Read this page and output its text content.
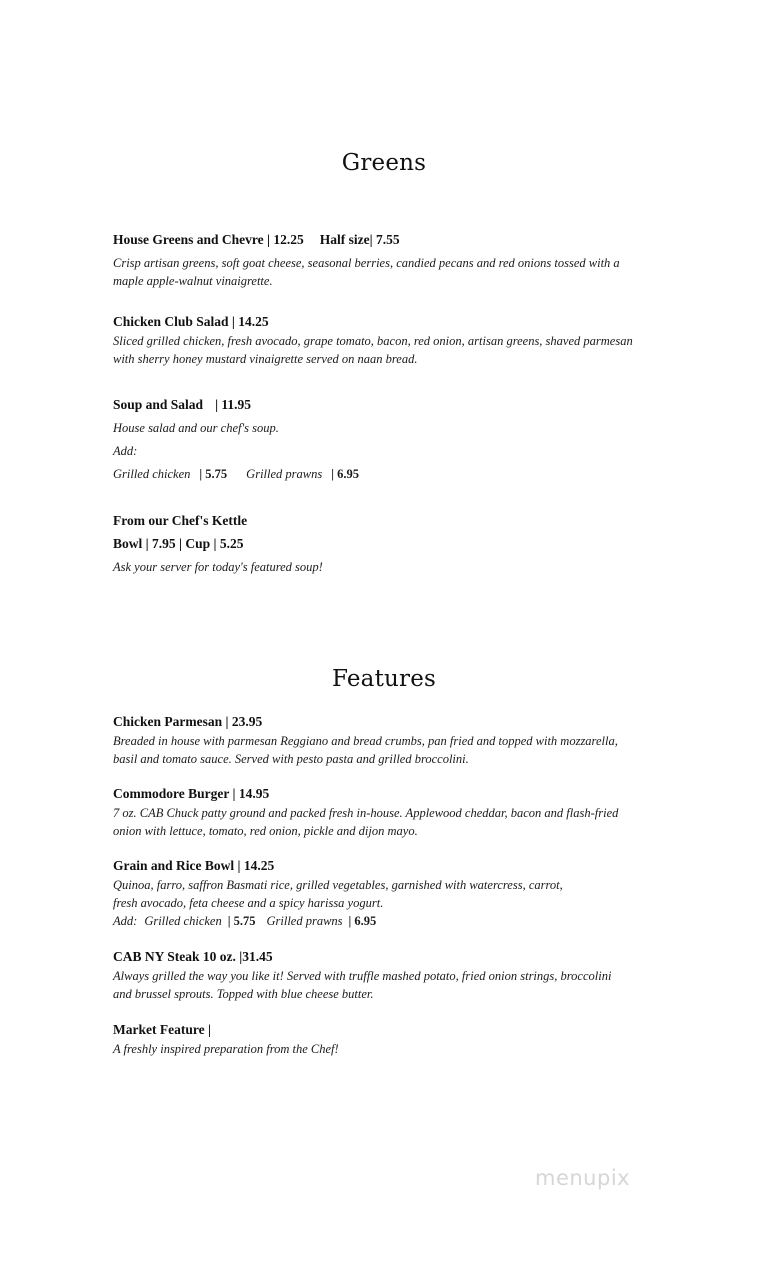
Greens
House Greens and Chevre | 12.25 Half size| 7.55
Crisp artisan greens, soft goat cheese, seasonal berries, candied pecans and red onions tossed with a
maple apple-walnut vinaigrette.
Chicken Club Salad | 14.25
Sliced grilled chicken, fresh avocado, grape tomato, bacon, red onion, artisan greens, shaved parmesan
with sherry honey mustard vinaigrette served on naan bread.
Soup and Salad | 11.95
House salad and our chef's soup.
Add:
Grilled chicken | 5.75 Grilled prawns | 6.95
From our Chef's Kettle
Bowl | 7.95 | Cup | 5.25
Ask your server for today's featured soup!
Features
Chicken Parmesan | 23.95
Breaded in house with parmesan Reggiano and bread crumbs, pan fried and topped with mozzarella,
basil and tomato sauce. Served with pesto pasta and grilled broccolini.
Commodore Burger | 14.95
7 oz. CAB Chuck patty ground and packed fresh in-house. Applewood cheddar, bacon and flash-fried
onion with lettuce, tomato, red onion, pickle and dijon mayo.
Grain and Rice Bowl | 14.25
Quinoa, farro, saffron Basmati rice, grilled vegetables, garnished with watercress, carrot,
fresh avocado, feta cheese and a spicy harissa yogurt.
Add: Grilled chicken | 5.75 Grilled prawns | 6.95
CAB NY Steak 10 oz. |31.45
Always grilled the way you like it! Served with truffle mashed potato, fried onion strings, broccolini
and brussel sprouts. Topped with blue cheese butter.
Market Feature |
A freshly inspired preparation from the Chef!
menupix
